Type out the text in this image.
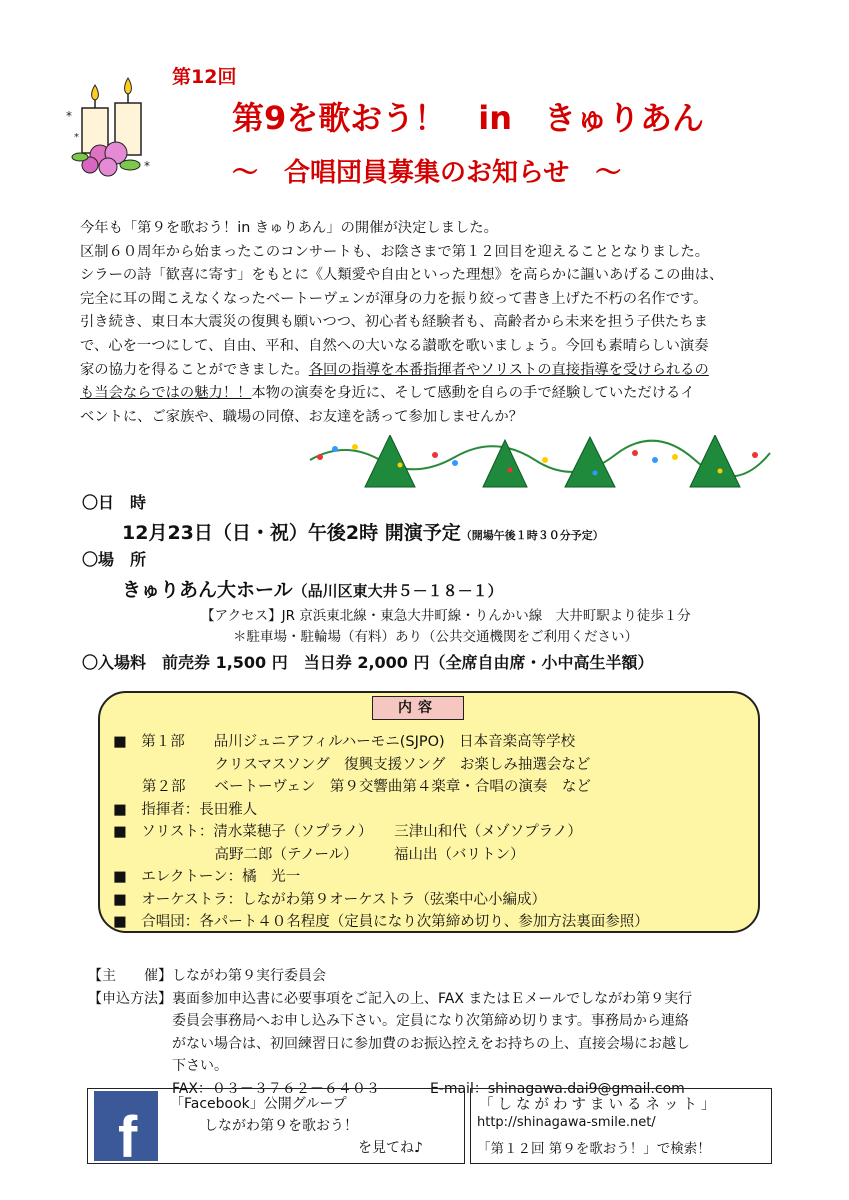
*
*
*
第12回
第9を歌おう！　in　きゅりあん
～　合唱団員募集のお知らせ　～

今年も「第９を歌おう！in きゅりあん」の開催が決定しました。

区制６０周年から始まったこのコンサートも、お陰さまで第１２回目を迎えることとなりました。

シラーの詩「歓喜に寄す」をもとに《人類愛や自由といった理想》を高らかに謳いあげるこの曲は、

完全に耳の聞こえなくなったベートーヴェンが渾身の力を振り絞って書き上げた不朽の名作です。

引き続き、東日本大震災の復興も願いつつ、初心者も経験者も、高齢者から未来を担う子供たちま

で、心を一つにして、自由、平和、自然への大いなる讃歌を歌いましょう。今回も素晴らしい演奏

家の協力を得ることができました。各回の指導を本番指揮者やソリストの直接指導を受けられるの

も当会ならではの魅力！！本物の演奏を身近に、そして感動を自らの手で経験していただけるイ

ベントに、ご家族や、職場の同僚、お友達を誘って参加しませんか？

〇日　時
12月23日（日・祝）午後2時 開演予定（開場午後１時３０分予定）
〇場　所
きゅりあん大ホール（品川区東大井５－１８－１）
【アクセス】JR 京浜東北線・東急大井町線・りんかい線　大井町駅より徒歩１分
＊駐車場・駐輪場（有料）あり（公共交通機関をご利用ください）
〇入場料　前売券 1,500 円　当日券 2,000 円（全席自由席・小中高生半額）
内容
■　第１部　　品川ジュニアフィルハーモニ(SJPO)　日本音楽高等学校
　　　　　　　クリスマスソング　復興支援ソング　お楽しみ抽選会など
　　第２部　　ベートーヴェン　第９交響曲第４楽章・合唱の演奏　など
■　指揮者：長田雅人
■　ソリスト：清水菜穂子（ソプラノ）　　三津山和代（メゾソプラノ）
　　　　　　　高野二郎（テノール）　　　福山出（バリトン）
■　エレクトーン：橘　光一
■　オーケストラ：しながわ第９オーケストラ（弦楽中心小編成）
■　合唱団：各パート４０名程度（定員になり次第締め切り、参加方法裏面参照）
【主　　催】しながわ第９実行委員会
【申込方法】裏面参加申込書に必要事項をご記入の上、FAX またはＥメールでしながわ第９実行
委員会事務局へお申し込み下さい。定員になり次第締め切ります。事務局から連絡
がない場合は、初回練習日に参加費のお振込控えをお持ちの上、直接会場にお越し
下さい。
FAX：０３－３７６２－６４０３	E-mail：shinagawa.dai9@gmail.com
f
「Facebook」公開グループ
しながわ第９を歌おう！
を見てね♪
「しながわすまいるネット」
http://shinagawa-smile.net/
「第１２回 第９を歌おう！」で検索！
